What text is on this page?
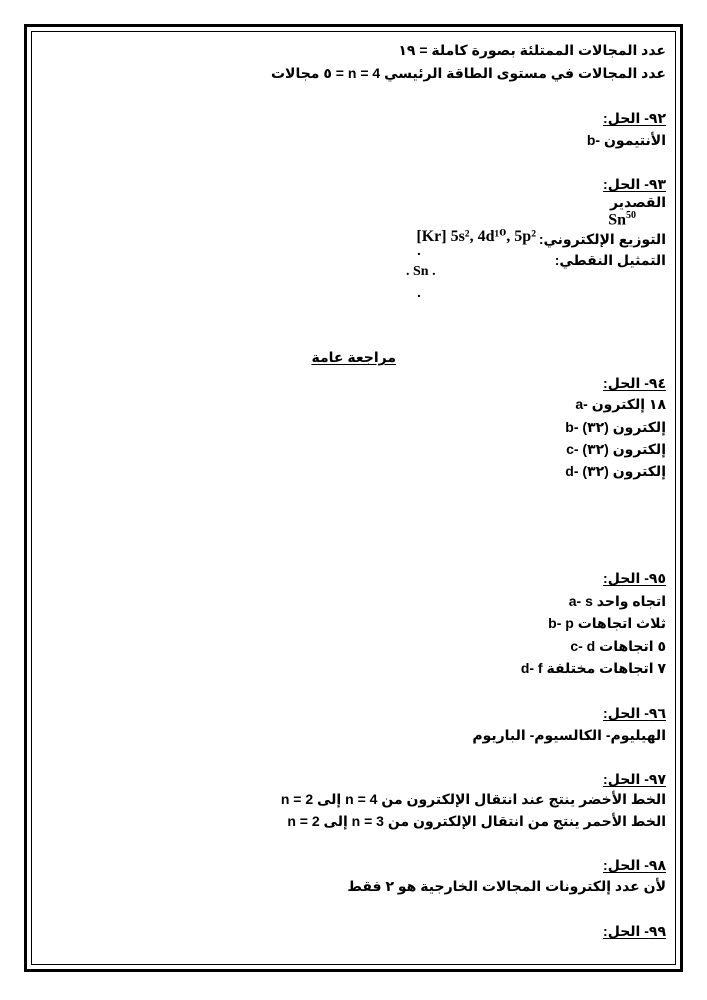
عدد المجالات الممتلئة بصورة كاملة = ١٩
عدد المجالات في مستوى الطاقة الرئيسي 4 = n = ٥ مجالات
٩٢- الحل:
b- الأنتيمون
٩٣- الحل:
القصدير
Sn$^{50}$
التوزيع الإلكتروني:
[Kr] 5s², 4d¹⁰, 5p²
التمثيل النقطي:
.
. Sn .
.
مراجعة عامة
٩٤- الحل:
a- ١٨ إلكترون
b- (٣٢) إلكترون
c- (٣٢) إلكترون
d- (٣٢) إلكترون
٩٥- الحل:
a- s اتجاه واحد
b- p ثلاث اتجاهات
c- d ٥ اتجاهات
d- f ٧ اتجاهات مختلفة
٩٦- الحل:
الهيليوم- الكالسيوم- الباريوم
٩٧- الحل:
الخط الأخضر ينتج عند انتقال الإلكترون من 4 = n إلى n = 2
الخط الأحمر ينتج من انتقال الإلكترون من 3 = n إلى n = 2
٩٨- الحل:
لأن عدد إلكترونات المجالات الخارجية هو ٢ فقط
٩٩- الحل:
